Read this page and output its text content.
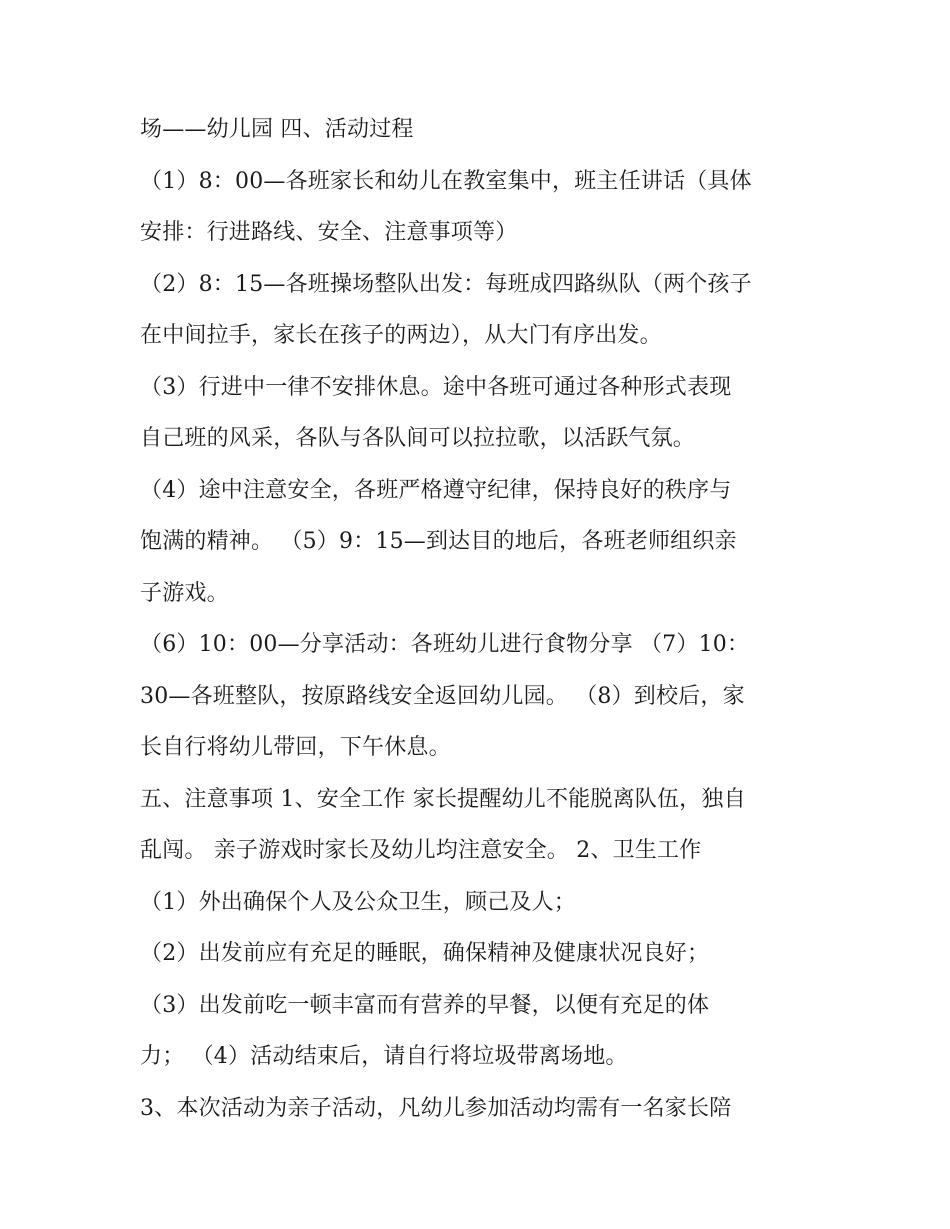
场——幼儿园 四、活动过程
（1）8：00—各班家长和幼儿在教室集中，班主任讲话（具体
安排：行进路线、安全、注意事项等）
（2）8：15—各班操场整队出发：每班成四路纵队（两个孩子
在中间拉手，家长在孩子的两边），从大门有序出发。
（3）行进中一律不安排休息。途中各班可通过各种形式表现
自己班的风采，各队与各队间可以拉拉歌，以活跃气氛。
（4）途中注意安全，各班严格遵守纪律，保持良好的秩序与
饱满的精神。 （5）9：15—到达目的地后，各班老师组织亲
子游戏。
（6）10：00—分享活动：各班幼儿进行食物分享 （7）10：
30—各班整队，按原路线安全返回幼儿园。 （8）到校后，家
长自行将幼儿带回，下午休息。
五、注意事项 1、安全工作 家长提醒幼儿不能脱离队伍，独自
乱闯。 亲子游戏时家长及幼儿均注意安全。 2、卫生工作
（1）外出确保个人及公众卫生，顾己及人；
（2）出发前应有充足的睡眠，确保精神及健康状况良好；
（3）出发前吃一顿丰富而有营养的早餐，以便有充足的体
力； （4）活动结束后，请自行将垃圾带离场地。
3、本次活动为亲子活动，凡幼儿参加活动均需有一名家长陪
